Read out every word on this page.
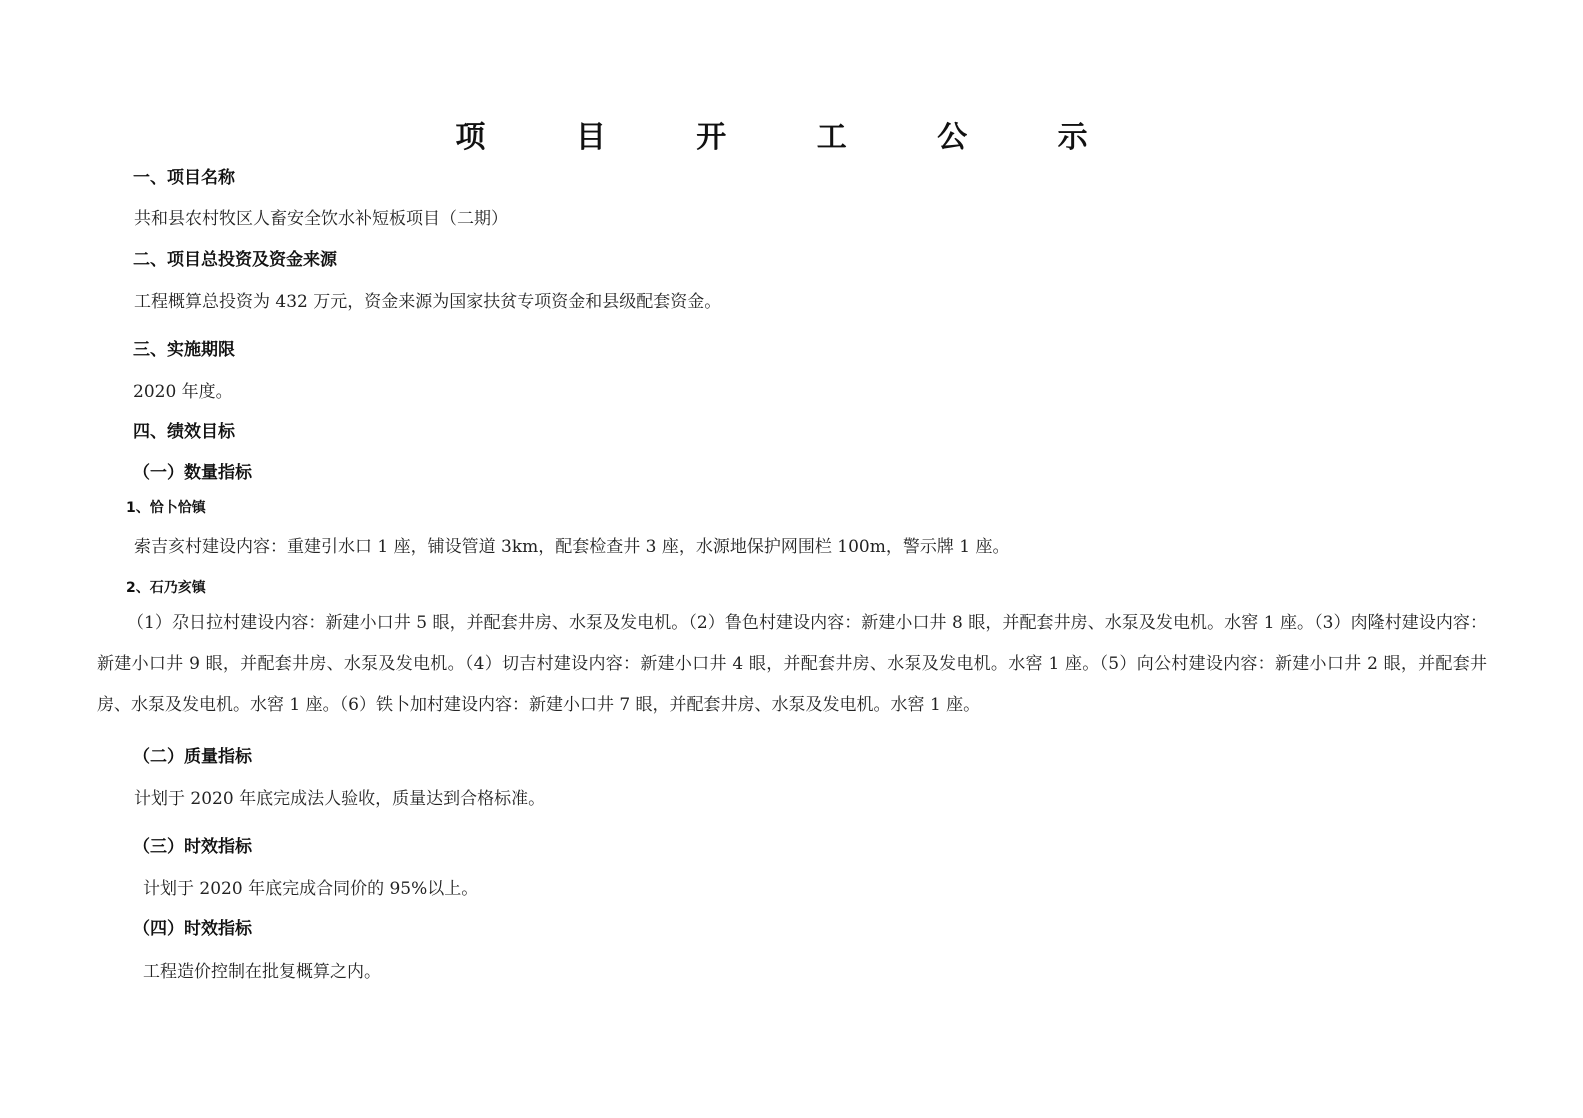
项 目 开 工 公 示
一、项目名称
共和县农村牧区人畜安全饮水补短板项目（二期）
二、项目总投资及资金来源
工程概算总投资为 432 万元，资金来源为国家扶贫专项资金和县级配套资金。
三、实施期限
2020 年度。
四、绩效目标
（一）数量指标
1、恰卜恰镇
索吉亥村建设内容：重建引水口 1 座，铺设管道 3km，配套检查井 3 座，水源地保护网围栏 100m，警示牌 1 座。
2、石乃亥镇
（1）尕日拉村建设内容：新建小口井 5 眼，并配套井房、水泵及发电机。（2）鲁色村建设内容：新建小口井 8 眼，并配套井房、水泵及发电机。水窖 1 座。（3）肉隆村建设内容：新建小口井 9 眼，并配套井房、水泵及发电机。（4）切吉村建设内容：新建小口井 4 眼，并配套井房、水泵及发电机。水窖 1 座。（5）向公村建设内容：新建小口井 2 眼，并配套井房、水泵及发电机。水窖 1 座。（6）铁卜加村建设内容：新建小口井 7 眼，并配套井房、水泵及发电机。水窖 1 座。
（二）质量指标
计划于 2020 年底完成法人验收，质量达到合格标准。
（三）时效指标
计划于 2020 年底完成合同价的 95%以上。
（四）时效指标
工程造价控制在批复概算之内。
